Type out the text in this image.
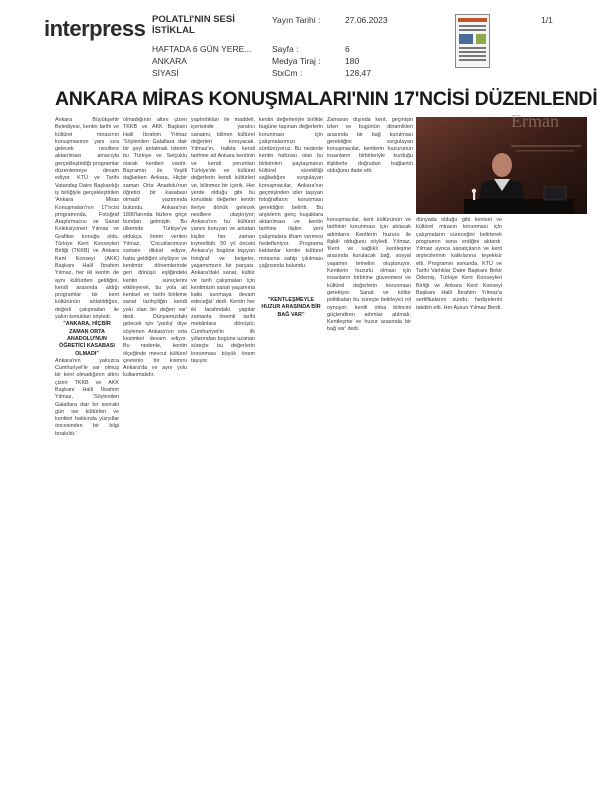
interpress POLATLI'NIN SESİ İSTİKLAL
HAFTADA 6 GÜN YERE...
ANKARA
SİYASİ
Yayın Tarihi :	27.06.2023
Sayfa :	6
Medya Tiraj :	180
StxCm :	128,47
1/1
ANKARA MİRAS KONUŞMALARI'NIN 17'NCİSİ DÜZENLENDİ
Ankara Büyükşehir Belediyesi, kentin tarihi ve kültürel mirasının konuşmasının yanı sıra gelecek nesillere aktarılması amacıyla gerçekleştirdiği programlar düzenlemeye devam ediyor. KTÜ ve Tarihi Vatandaş Daire Başkanlığı iş birliğiyle gerçekleştirilen 'Ankara Miras Konuşmaları'nın 17'ncisi programında, Fotoğraf Araştırmacısı ve Sanat Koleksiyoneri Yılmaz ve Grafiker konuğu oldu. Türkiye Kent Konseyleri Birliği (TKKB) ve Ankara Kent Konseyi (AKK) Başkanı Halil İbrahim Yılmaz, her iki kentin de aynı kültürden geldiğini, kendi arasında aldığı programlar bir kent kültürünün anlatıldığını, değerli çalışmaları ile yakın konukları söyledi.
"ANKARA, HİÇBİR ZAMAN ORTA ANADOLU'NUN ÖĞRETİCİ KASABASI OLMADI"
Ankara'nın yalnızca Cumhuriyet'le var olmuş bir kent olmadığının altını çizen TKKB ve AKK Başkanı Halil İbrahim Yılmaz, 'Söylenilen Galatlara dair bir sonraki gün ise kültürleri ve kentleri hakkında yüzyıllar öncesinden bir bilgi bırakıldı.'
olmadığının altını çizen TKKB ve AKK Başkanı Halil İbrahim Yılmaz 'Söylenilen Galatlara dair bir şeyi anlatmak isterim bu Türkiye ve Selçuklu olarak kentleri vardır. Bayramın ile Yeşilli dağlarken Ankara, Hiçbir zaman Orta Anadolu'nun öğretici bir kasabası olmadı' yazımında bulundu. Ankara'nın 1890'larında bizlere göçe bundan gelmiştir. Bu ülkemde Türkiye'ye oldukça önem verilen Yılmaz, 'Çocuklarımızın zamanı dikkat ediyor, hatta geldiğini söylüyor ve kentimiz dönemlerinde geri dönüşü eşliğindeki kentin süreçlerini etkileyerek, bu yola ait kentsel ve tarihi birikime sanat tarihçiliğin kendi yolu olan bir değeri var' dedi. Dünyamızdaki gelecek için 'yanlış' diye söylenen Ankara'nın orta kesimleri devam ediyor. Bu nedenle, kentin ölçeğinde mevcut kültürel çevrenin bir kısmını Ankara'da ve aynı yolu kullanmalıdır.
yaptırdıkları ile maddeli, içerisinde yaratıcı sanatını, bilinen kültürel değerleri koruyacak. Yılmaz'ın, halkta kendi tarihine ait Ankara kentinin ve kendi yorumları Türkiye'de ve kültürel değerlerin kendi kültürleri ve, bilinmez bir içerik. Her yerde olduğu gibi bu konudaki değerler kentin ileriye dönük gelecek nesillere ulaştırıyor; Ankara'nın bu kültürel yanını koruyan ve anlatan kişiler her zaman kıymetlidir. 50 yıl önceki Ankara'yı bugüne taşıyan fotoğraf ve belgeler, yaşamımızın bir parçası. Ankara'daki sanat, kültür ve tarih çalışmaları için kentimizin sanat yaşamına katkı sunmaya devam edeceğiz' dedi. Kentin her iki tarafındaki yapılar zamanla önemli tarihi mekânlara dönüştü; Cumhuriyet'in ilk yıllarından bugüne uzanan süreçte bu değerlerin korunması büyük önem taşıyor.
kentin değerleriyle birlikte bugüne taşınan değerlerin korunması için çalışmalarımızı sürdürüyoruz. Bu nedenle kentin hafızası olan bu birikimleri paylaşmanın kültürel sürekliliği sağladığını vurgulayan konuşmacılar, Ankara'nın geçmişinden izler taşıyan fotoğrafların korunması gerektiğini belirtti. Bu arşivlerin genç kuşaklara aktarılması ve kentin tarihine ilişkin yeni çalışmalara ilham vermesi hedefleniyor. Programa katılanlar kentin kültürel mirasına sahip çıkılması çağrısında bulundu.
Zamanın dışında kent, geçmişin izleri ve bugünün dinamikleri arasında bir bağ kurulması gerektiğini vurgulayan konuşmacılar, kentlerin huzurunun insanların birbirleriyle kurduğu ilişkilerle doğrudan bağlantılı olduğunu ifade etti.
Erman
konuşmacılar, kent kültürünün ve tarihinin korunması için atılacak adımların Kentlerin huzuru ile ilişkili olduğunu söyledi. Yılmaz, 'Kent ve sağlıklı kentleşme arasında kurulacak bağ, sosyal yaşamın temelini oluşturuyor. Kentlerin huzurlu olması için insanların birbirine güvenmesi ve kültürel değerlerin korunması gerekiyor. Sanat ve kültür politikaları bu süreçte belirleyici rol oynuyor; kentli olma bilincini güçlendiren adımlar atılmalı. Kentleşme ve huzur arasında bir bağ var' dedi.
"KENTLEŞMEYLE HUZUR ARASINDA BİR BAĞ VAR"
dünyada olduğu gibi kentsel ve kültürel mirasın korunması için çalışmaların süreceğini belirterek programın sona erdiğini aktardı. Yılmaz ayrıca sanatçıların ve kent arşivcilerinin katkılarına teşekkür etti. Programın sonunda, KTÜ ve Tarihi Varlıklar Daire Başkanı Bekir Ödemiş, Türkiye Kent Konseyleri Birliği ve Ankara Kent Konseyi Başkanı Halil İbrahim Yılmaz'a sertifikalarını sundu; hediyelerini takdim etti. Her Aysun Yılmaz Berdi.
